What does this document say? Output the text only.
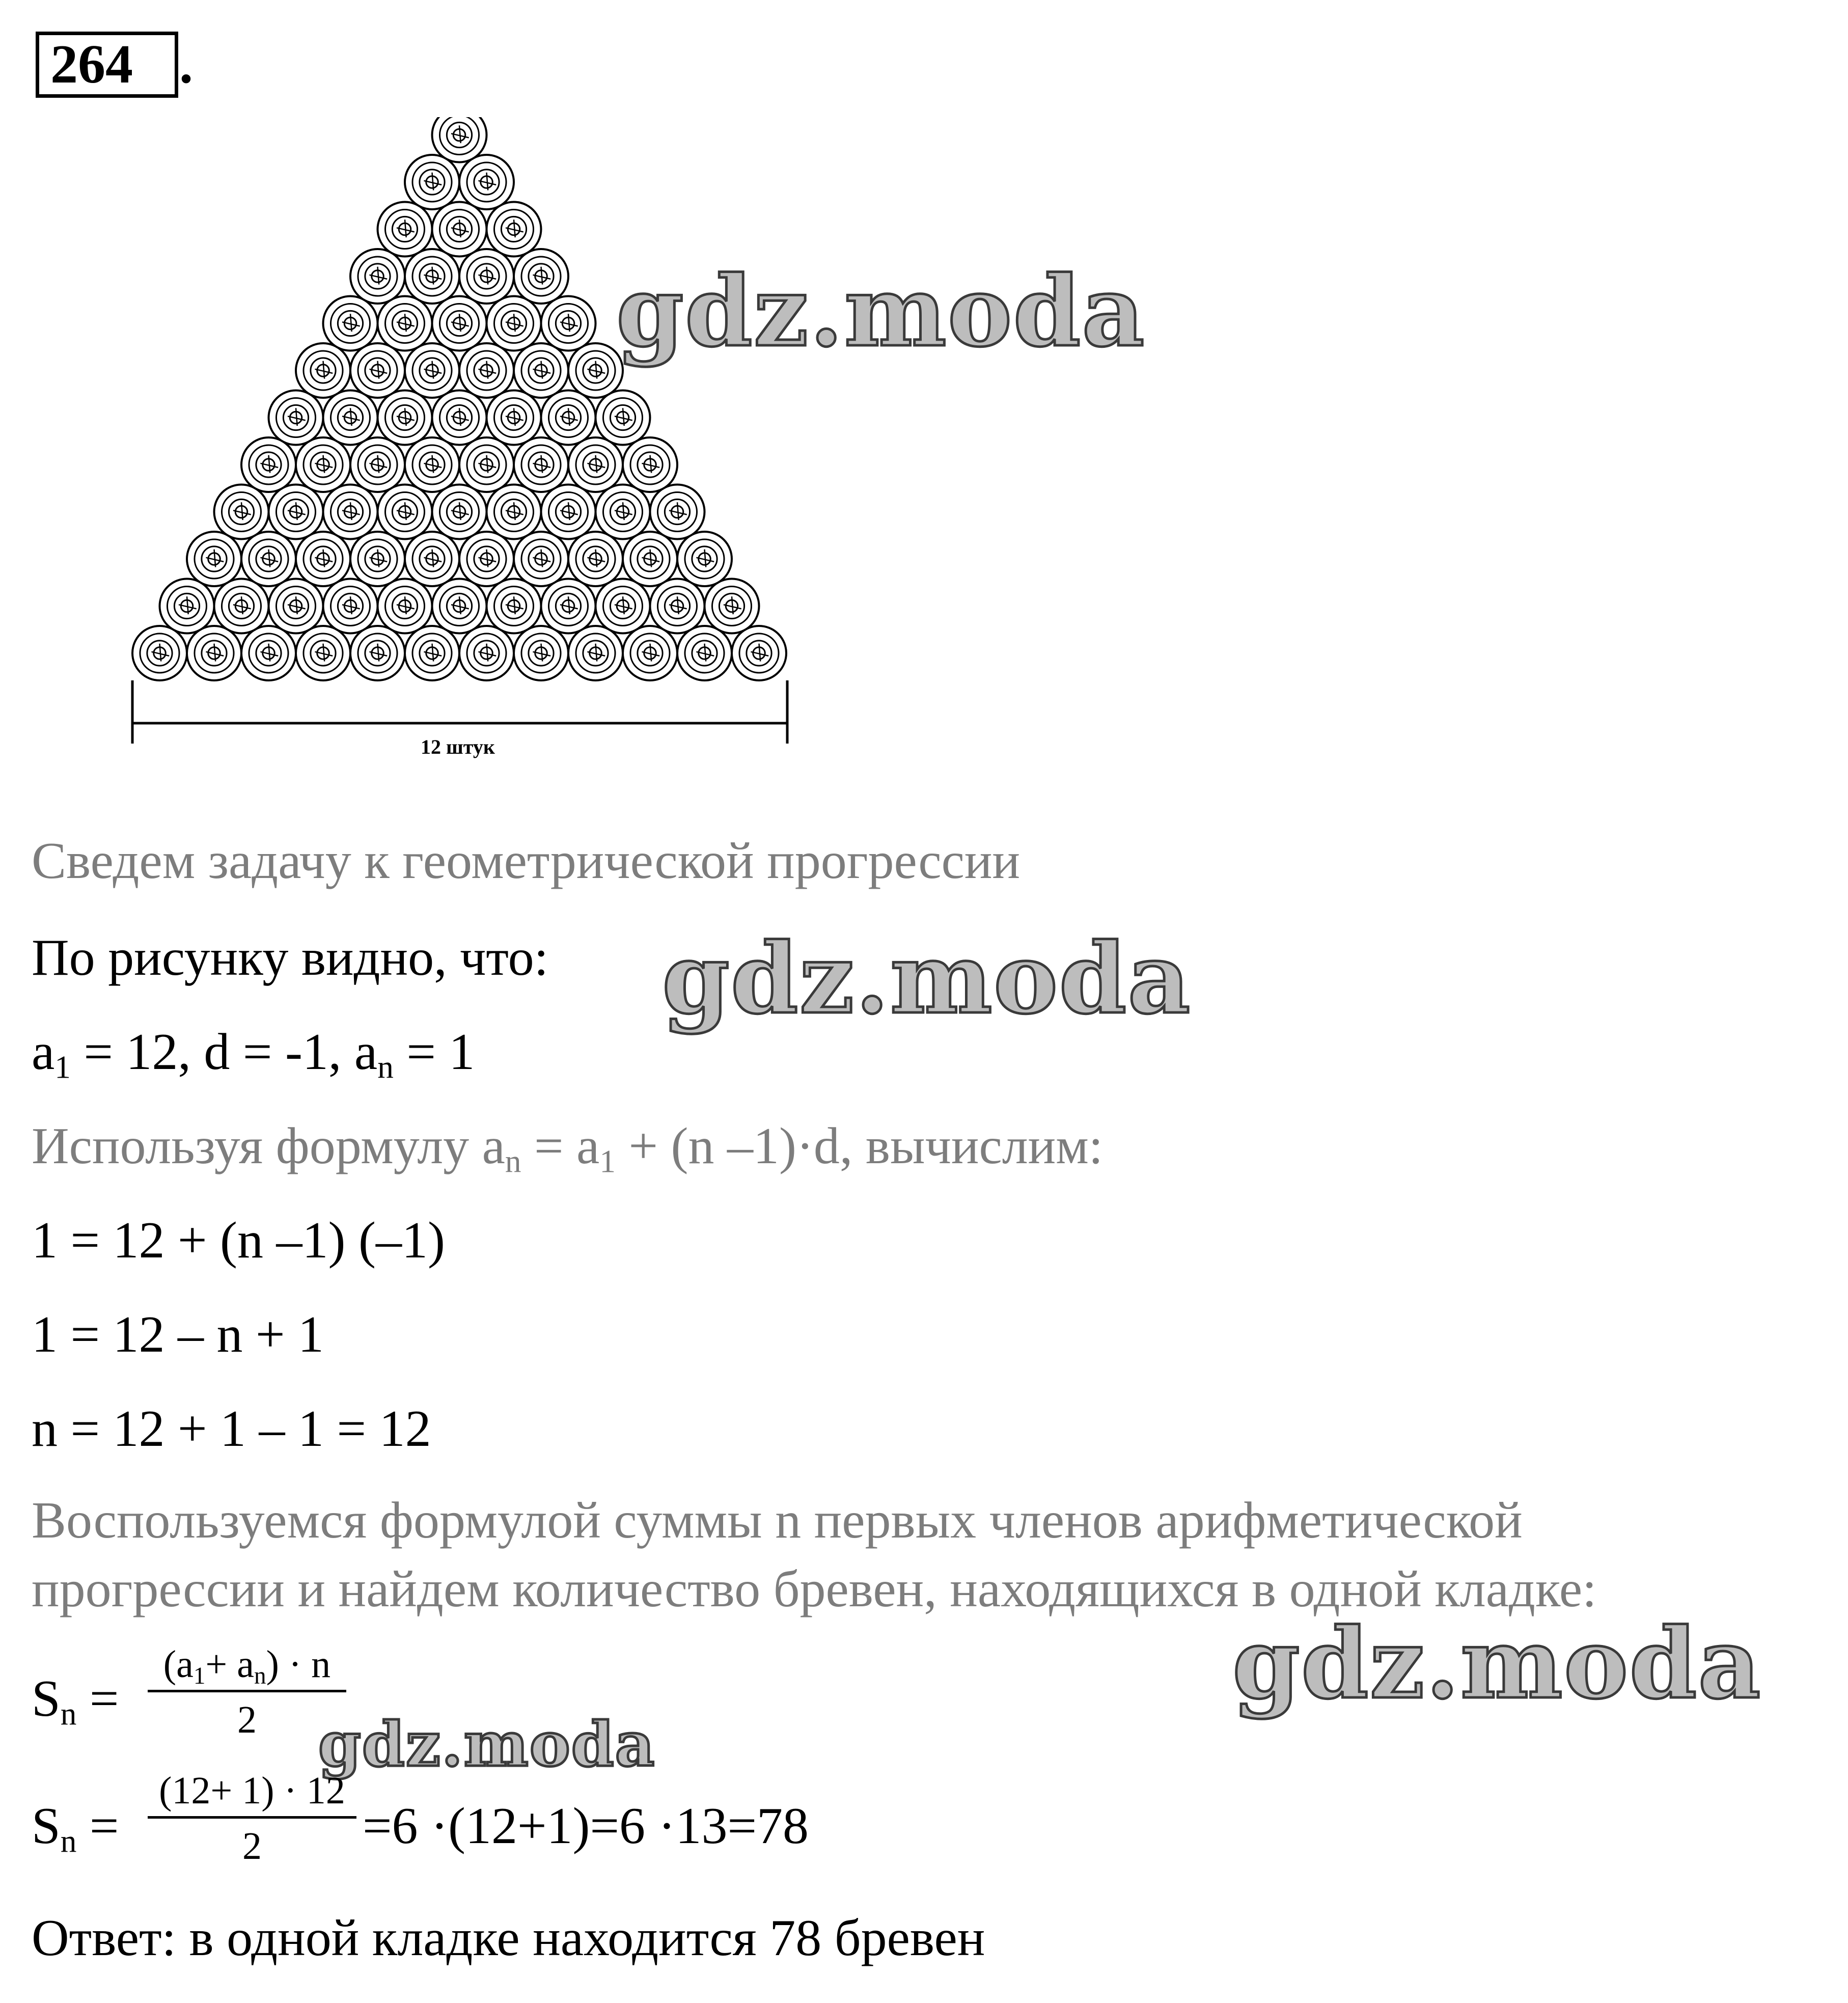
264 .
12 штук
gdz.moda
gdz.moda
gdz.moda
gdz.moda
Сведем задачу к геометрической прогрессии
По рисунку видно, что:
$a_1 = 12$, d = -1, $a_n = 1$
Используя формулу $a_n = a_1 + (n$ –1)·d, вычислим:
1 = 12 + (n –1) (–1)
1 = 12 – n + 1
n = 12 + 1 – 1 = 12
Воспользуемся формулой суммы n первых членов арифметической
прогрессии и найдем количество бревен, находящихся в одной кладке:
$S_n$ =
$(a_1+ a_n) \cdot n$
2
$S_n$ =
(12+ 1) · 12
2	=6 ·(12+1)=6 ·13=78
Ответ: в одной кладке находится 78 бревен
